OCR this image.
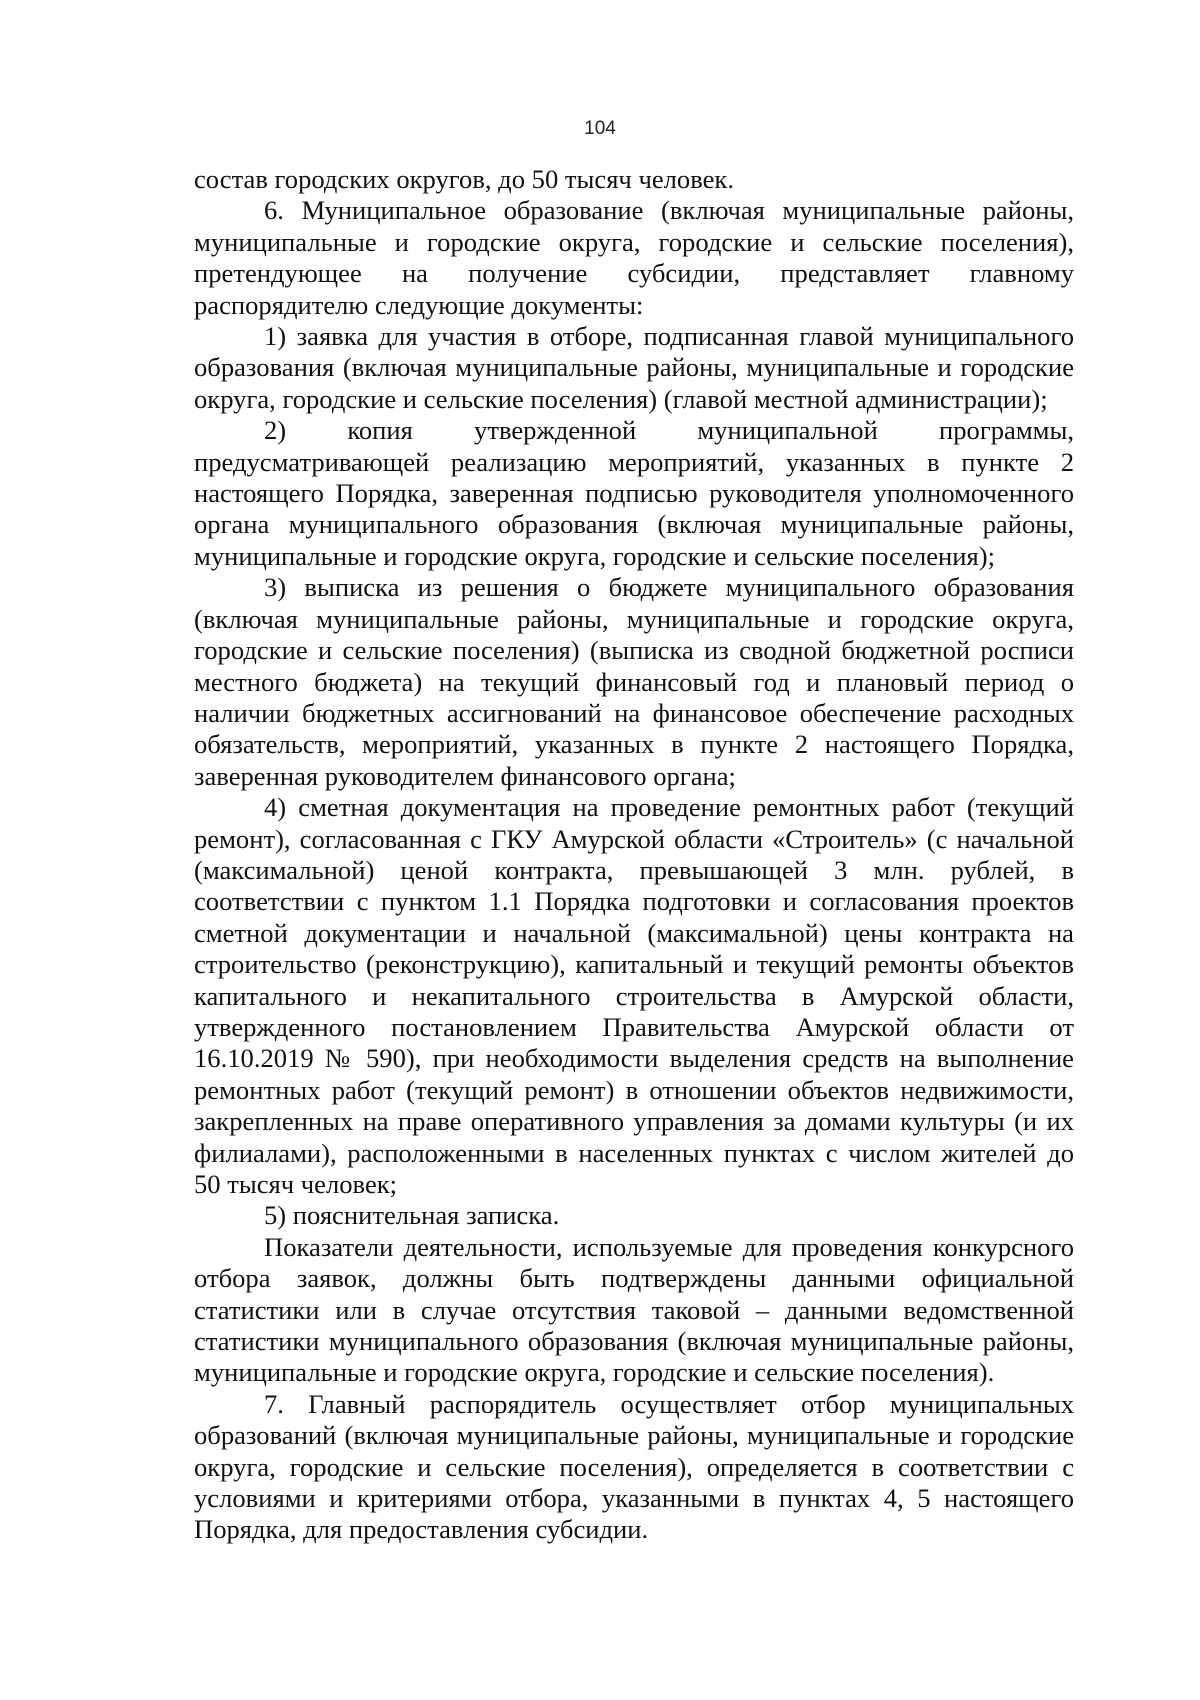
104

состав городских округов, до 50 тысяч человек.

6. Муниципальное образование (включая муниципальные районы, муниципальные и городские округа, городские и сельские поселения), претендующее на получение субсидии, представляет главному распорядителю следующие документы:

1) заявка для участия в отборе, подписанная главой муниципального образования (включая муниципальные районы, муниципальные и городские округа, городские и сельские поселения) (главой местной администрации);

2) копия утвержденной муниципальной программы, предусматривающей реализацию мероприятий, указанных в пункте 2 настоящего Порядка, заверенная подписью руководителя уполномоченного органа муниципального образования (включая муниципальные районы, муниципальные и городские округа, городские и сельские поселения);

3) выписка из решения о бюджете муниципального образования (включая муниципальные районы, муниципальные и городские округа, городские и сельские поселения) (выписка из сводной бюджетной росписи местного бюджета) на текущий финансовый год и плановый период о наличии бюджетных ассигнований на финансовое обеспечение расходных обязательств, мероприятий, указанных в пункте 2 настоящего Порядка, заверенная руководителем финансового органа;

4) сметная документация на проведение ремонтных работ (текущий ремонт), согласованная с ГКУ Амурской области «Строитель» (с начальной (максимальной) ценой контракта, превышающей 3 млн. рублей, в соответствии с пунктом 1.1 Порядка подготовки и согласования проектов сметной документации и начальной (максимальной) цены контракта на строительство (реконструкцию), капитальный и текущий ремонты объектов капитального и некапитального строительства в Амурской области, утвержденного постановлением Правительства Амурской области от 16.10.2019 № 590), при необходимости выделения средств на выполнение ремонтных работ (текущий ремонт) в отношении объектов недвижимости, закрепленных на праве оперативного управления за домами культуры (и их филиалами), расположенными в населенных пунктах с числом жителей до 50 тысяч человек;

5) пояснительная записка.

Показатели деятельности, используемые для проведения конкурсного отбора заявок, должны быть подтверждены данными официальной статистики или в случае отсутствия таковой – данными ведомственной статистики муниципального образования (включая муниципальные районы, муниципальные и городские округа, городские и сельские поселения).

7. Главный распорядитель осуществляет отбор муниципальных образований (включая муниципальные районы, муниципальные и городские округа, городские и сельские поселения), определяется в соответствии с условиями и критериями отбора, указанными в пунктах 4, 5 настоящего Порядка, для предоставления субсидии.
